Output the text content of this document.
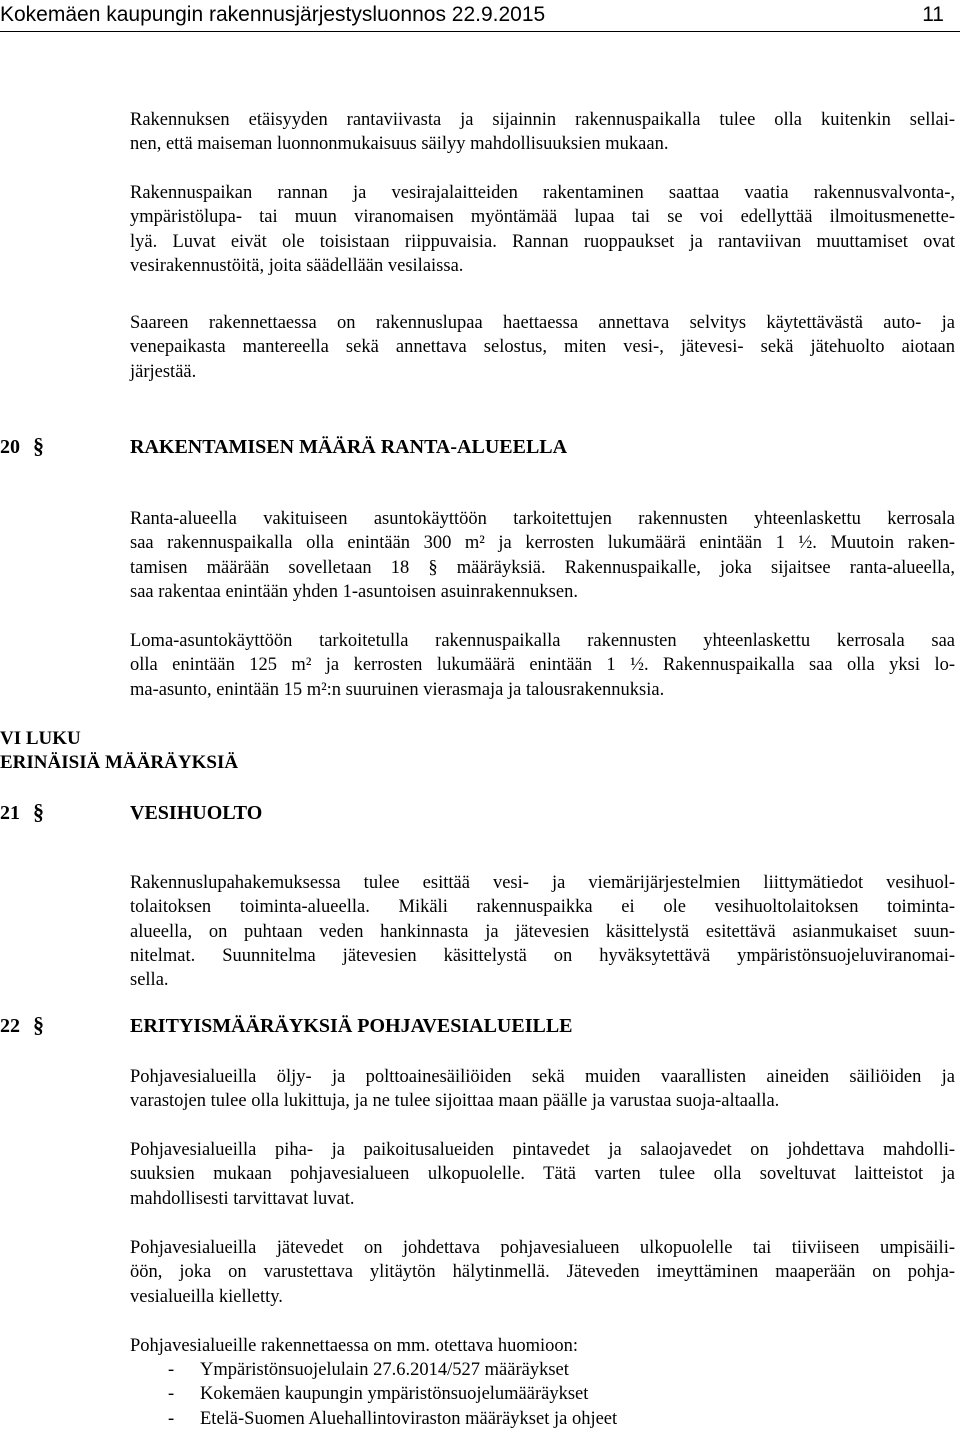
Kokemäen kaupungin rakennusjärjestysluonnos 22.9.2015	11
Rakennuksen etäisyyden rantaviivasta ja sijainnin rakennuspaikalla tulee olla kuitenkin sellai-
nen, että maiseman luonnonmukaisuus säilyy mahdollisuuksien mukaan.
Rakennuspaikan rannan ja vesirajalaitteiden rakentaminen saattaa vaatia rakennusvalvonta-,
ympäristölupa- tai muun viranomaisen myöntämää lupaa tai se voi edellyttää ilmoitusmenette-
lyä. Luvat eivät ole toisistaan riippuvaisia. Rannan ruoppaukset ja rantaviivan muuttamiset ovat
vesirakennustöitä, joita säädellään vesilaissa.
Saareen rakennettaessa on rakennuslupaa haettaessa annettava selvitys käytettävästä auto- ja
venepaikasta mantereella sekä annettava selostus, miten vesi-, jätevesi- sekä jätehuolto aiotaan
järjestää.
20 §	RAKENTAMISEN MÄÄRÄ RANTA-ALUEELLA
Ranta-alueella vakituiseen asuntokäyttöön tarkoitettujen rakennusten yhteenlaskettu kerrosala
saa rakennuspaikalla olla enintään 300 m² ja kerrosten lukumäärä enintään 1 ½. Muutoin raken-
tamisen määrään sovelletaan 18 § määräyksiä. Rakennuspaikalle, joka sijaitsee ranta-alueella,
saa rakentaa enintään yhden 1-asuntoisen asuinrakennuksen.
Loma-asuntokäyttöön tarkoitetulla rakennuspaikalla rakennusten yhteenlaskettu kerrosala saa
olla enintään 125 m² ja kerrosten lukumäärä enintään 1 ½. Rakennuspaikalla saa olla yksi lo-
ma-asunto, enintään 15 m²:n suuruinen vierasmaja ja talousrakennuksia.
VI LUKU
ERINÄISIÄ MÄÄRÄYKSIÄ
21 §	VESIHUOLTO
Rakennuslupahakemuksessa tulee esittää vesi- ja viemärijärjestelmien liittymätiedot vesihuol-
tolaitoksen toiminta-alueella. Mikäli rakennuspaikka ei ole vesihuoltolaitoksen toiminta-
alueella, on puhtaan veden hankinnasta ja jätevesien käsittelystä esitettävä asianmukaiset suun-
nitelmat. Suunnitelma jätevesien käsittelystä on hyväksytettävä ympäristönsuojeluviranomai-
sella.
22 §	ERITYISMÄÄRÄYKSIÄ POHJAVESIALUEILLE
Pohjavesialueilla öljy- ja polttoainesäiliöiden sekä muiden vaarallisten aineiden säiliöiden ja
varastojen tulee olla lukittuja, ja ne tulee sijoittaa maan päälle ja varustaa suoja-altaalla.
Pohjavesialueilla piha- ja paikoitusalueiden pintavedet ja salaojavedet on johdettava mahdolli-
suuksien mukaan pohjavesialueen ulkopuolelle. Tätä varten tulee olla soveltuvat laitteistot ja
mahdollisesti tarvittavat luvat.
Pohjavesialueilla jätevedet on johdettava pohjavesialueen ulkopuolelle tai tiiviiseen umpisäili-
öön, joka on varustettava ylitäytön hälytinmellä. Jäteveden imeyttäminen maaperään on pohja-
vesialueilla kielletty.
Pohjavesialueille rakennettaessa on mm. otettava huomioon:
- Ympäristönsuojelulain 27.6.2014/527 määräykset
- Kokemäen kaupungin ympäristönsuojelumääräykset
- Etelä-Suomen Aluehallintoviraston määräykset ja ohjeet
